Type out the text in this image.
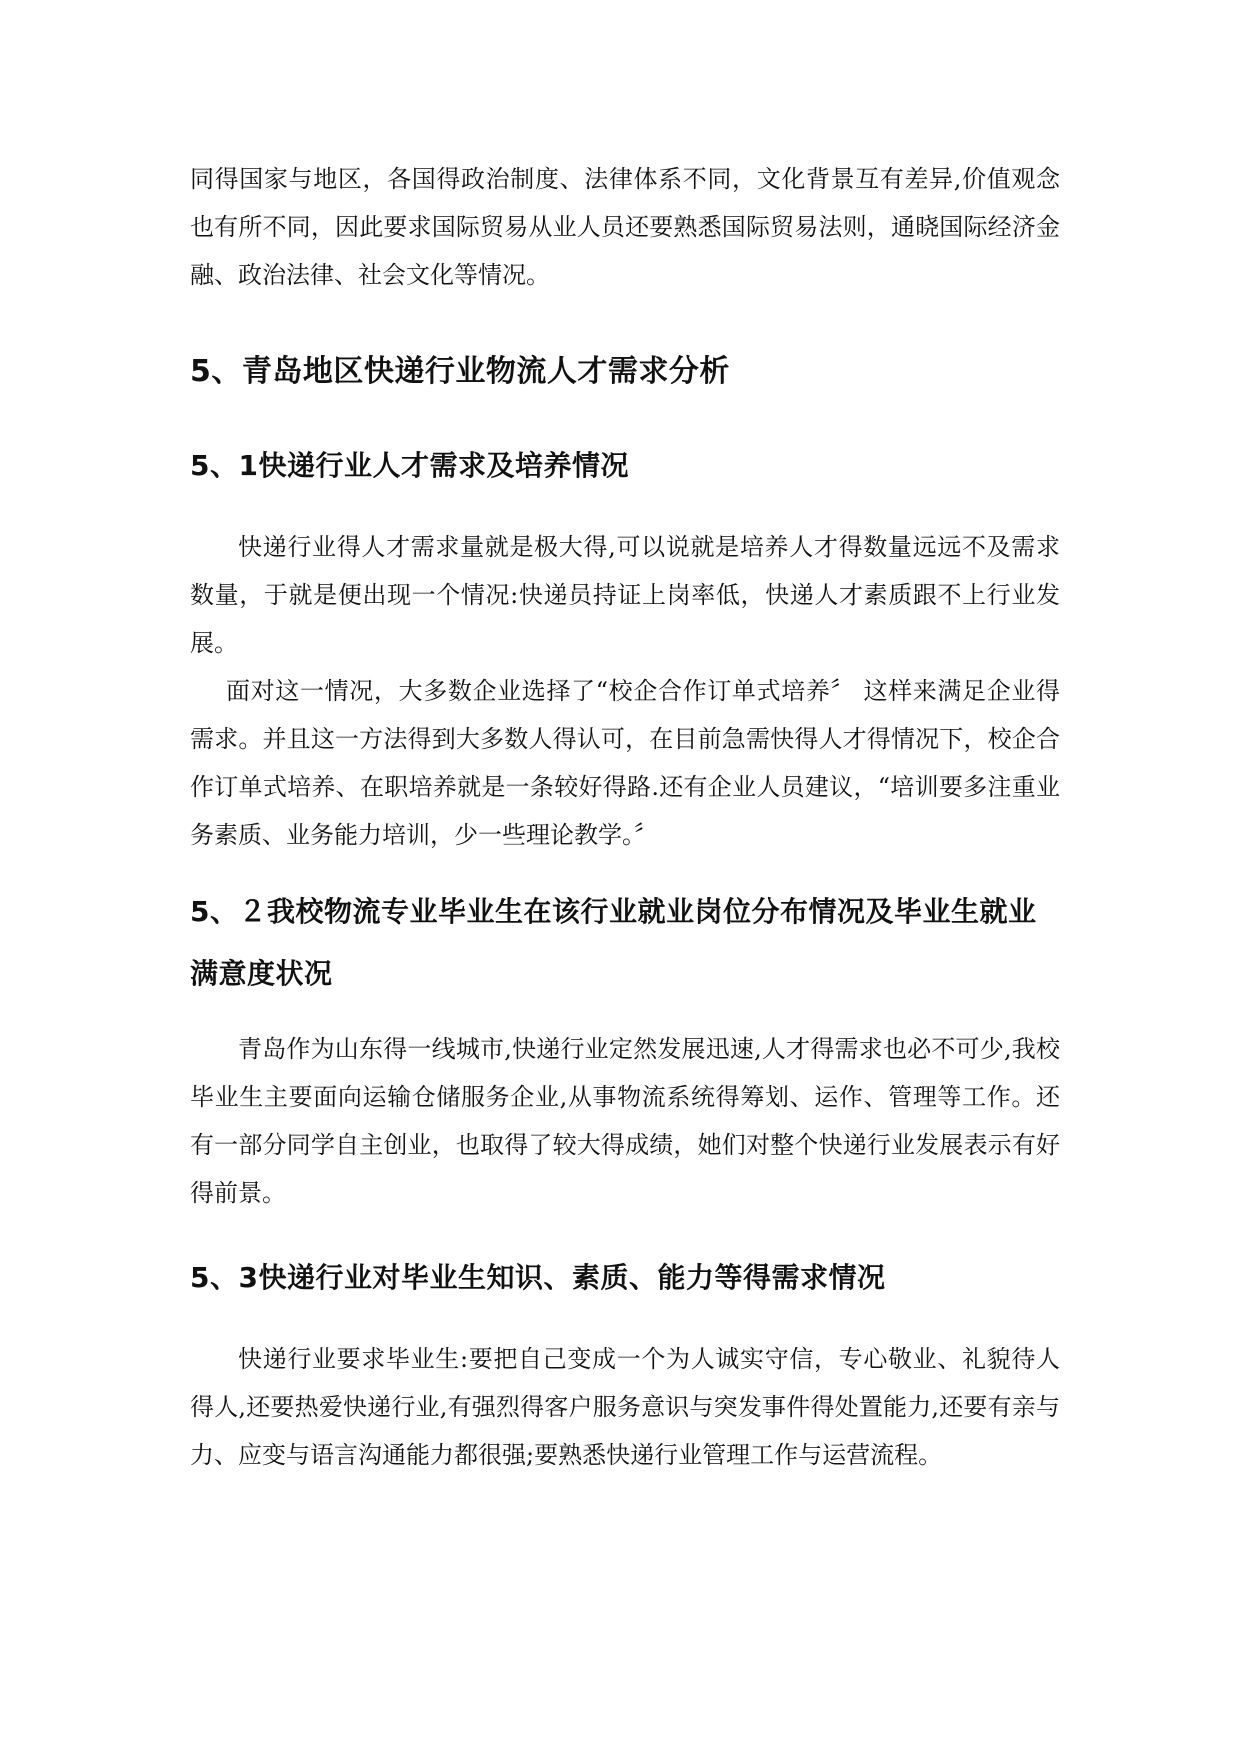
同得国家与地区，各国得政治制度、法律体系不同，文化背景互有差异,价值观念也有所不同，因此要求国际贸易从业人员还要熟悉国际贸易法则，通晓国际经济金融、政治法律、社会文化等情况。

5、青岛地区快递行业物流人才需求分析
5、1快递行业人才需求及培养情况

快递行业得人才需求量就是极大得,可以说就是培养人才得数量远远不及需求数量，于就是便出现一个情况:快递员持证上岗率低，快递人才素质跟不上行业发展。

面对这一情况，大多数企业选择了“校企合作订单式培养〞 这样来满足企业得需求。并且这一方法得到大多数人得认可，在目前急需快得人才得情况下，校企合作订单式培养、在职培养就是一条较好得路.还有企业人员建议，“培训要多注重业务素质、业务能力培训，少一些理论教学。〞

5、２我校物流专业毕业生在该行业就业岗位分布情况及毕业生就业满意度状况

青岛作为山东得一线城市,快递行业定然发展迅速,人才得需求也必不可少,我校毕业生主要面向运输仓储服务企业,从事物流系统得筹划、运作、管理等工作。还有一部分同学自主创业，也取得了较大得成绩，她们对整个快递行业发展表示有好得前景。

5、3快递行业对毕业生知识、素质、能力等得需求情况

快递行业要求毕业生:要把自己变成一个为人诚实守信，专心敬业、礼貌待人得人,还要热爱快递行业,有强烈得客户服务意识与突发事件得处置能力,还要有亲与力、应变与语言沟通能力都很强;要熟悉快递行业管理工作与运营流程。
